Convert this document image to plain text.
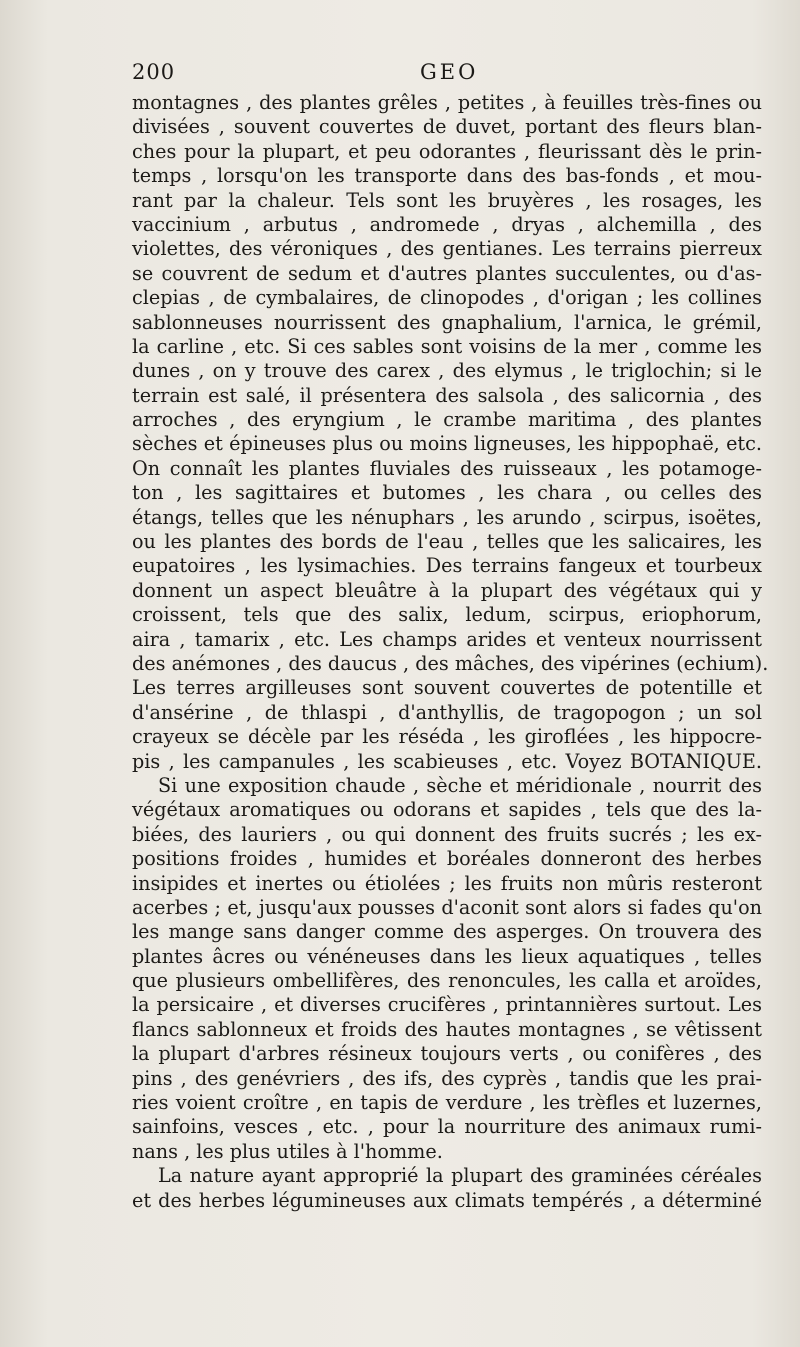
200	GEO
montagnes , des plantes grêles , petites , à feuilles très-fines ou
divisées , souvent couvertes de duvet, portant des fleurs blan-
ches pour la plupart, et peu odorantes , fleurissant dès le prin-
temps , lorsqu'on les transporte dans des bas-fonds , et mou-
rant par la chaleur. Tels sont les bruyères , les rosages, les
vaccinium , arbutus , andromede , dryas , alchemilla , des
violettes, des véroniques , des gentianes. Les terrains pierreux
se couvrent de sedum et d'autres plantes succulentes, ou d'as-
clepias , de cymbalaires, de clinopodes , d'origan ; les collines
sablonneuses nourrissent des gnaphalium, l'arnica, le grémil,
la carline , etc. Si ces sables sont voisins de la mer , comme les
dunes , on y trouve des carex , des elymus , le triglochin; si le
terrain est salé, il présentera des salsola , des salicornia , des
arroches , des eryngium , le crambe maritima , des plantes
sèches et épineuses plus ou moins ligneuses, les hippophaë, etc.
On connaît les plantes fluviales des ruisseaux , les potamoge-
ton , les sagittaires et butomes , les chara , ou celles des
étangs, telles que les nénuphars , les arundo , scirpus, isoëtes,
ou les plantes des bords de l'eau , telles que les salicaires, les
eupatoires , les lysimachies. Des terrains fangeux et tourbeux
donnent un aspect bleuâtre à la plupart des végétaux qui y
croissent, tels que des salix, ledum, scirpus, eriophorum,
aira , tamarix , etc. Les champs arides et venteux nourrissent
des anémones , des daucus , des mâches, des vipérines (echium).
Les terres argilleuses sont souvent couvertes de potentille et
d'ansérine , de thlaspi , d'anthyllis, de tragopogon ; un sol
crayeux se décèle par les réséda , les giroflées , les hippocre-
pis , les campanules , les scabieuses , etc. Voyez BOTANIQUE.
Si une exposition chaude , sèche et méridionale , nourrit des
végétaux aromatiques ou odorans et sapides , tels que des la-
biées, des lauriers , ou qui donnent des fruits sucrés ; les ex-
positions froides , humides et boréales donneront des herbes
insipides et inertes ou étiolées ; les fruits non mûris resteront
acerbes ; et, jusqu'aux pousses d'aconit sont alors si fades qu'on
les mange sans danger comme des asperges. On trouvera des
plantes âcres ou vénéneuses dans les lieux aquatiques , telles
que plusieurs ombellifères, des renoncules, les calla et aroïdes,
la persicaire , et diverses crucifères , printannières surtout. Les
flancs sablonneux et froids des hautes montagnes , se vêtissent
la plupart d'arbres résineux toujours verts , ou conifères , des
pins , des genévriers , des ifs, des cyprès , tandis que les prai-
ries voient croître , en tapis de verdure , les trèfles et luzernes,
sainfoins, vesces , etc. , pour la nourriture des animaux rumi-
nans , les plus utiles à l'homme.
La nature ayant approprié la plupart des graminées céréales
et des herbes légumineuses aux climats tempérés , a déterminé
